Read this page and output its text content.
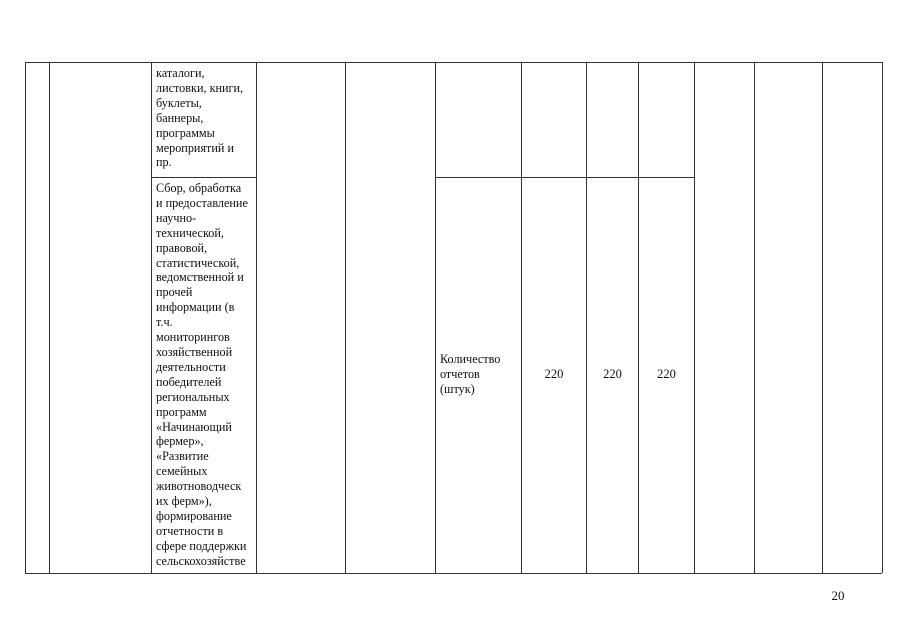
каталоги,
листовки, книги,
буклеты,
баннеры,
программы
мероприятий и
пр.
Сбор, обработка
и предоставление
научно-
технической,
правовой,
статистической,
ведомственной и
прочей
информации (в
т.ч.
мониторингов
хозяйственной
деятельности
победителей
региональных
программ
«Начинающий
фермер»,
«Развитие
семейных
животноводческ
их ферм»),
формирование
отчетности в
сфере поддержки
сельскохозяйстве
Количество
отчетов
(штук)
220	220	220
20
